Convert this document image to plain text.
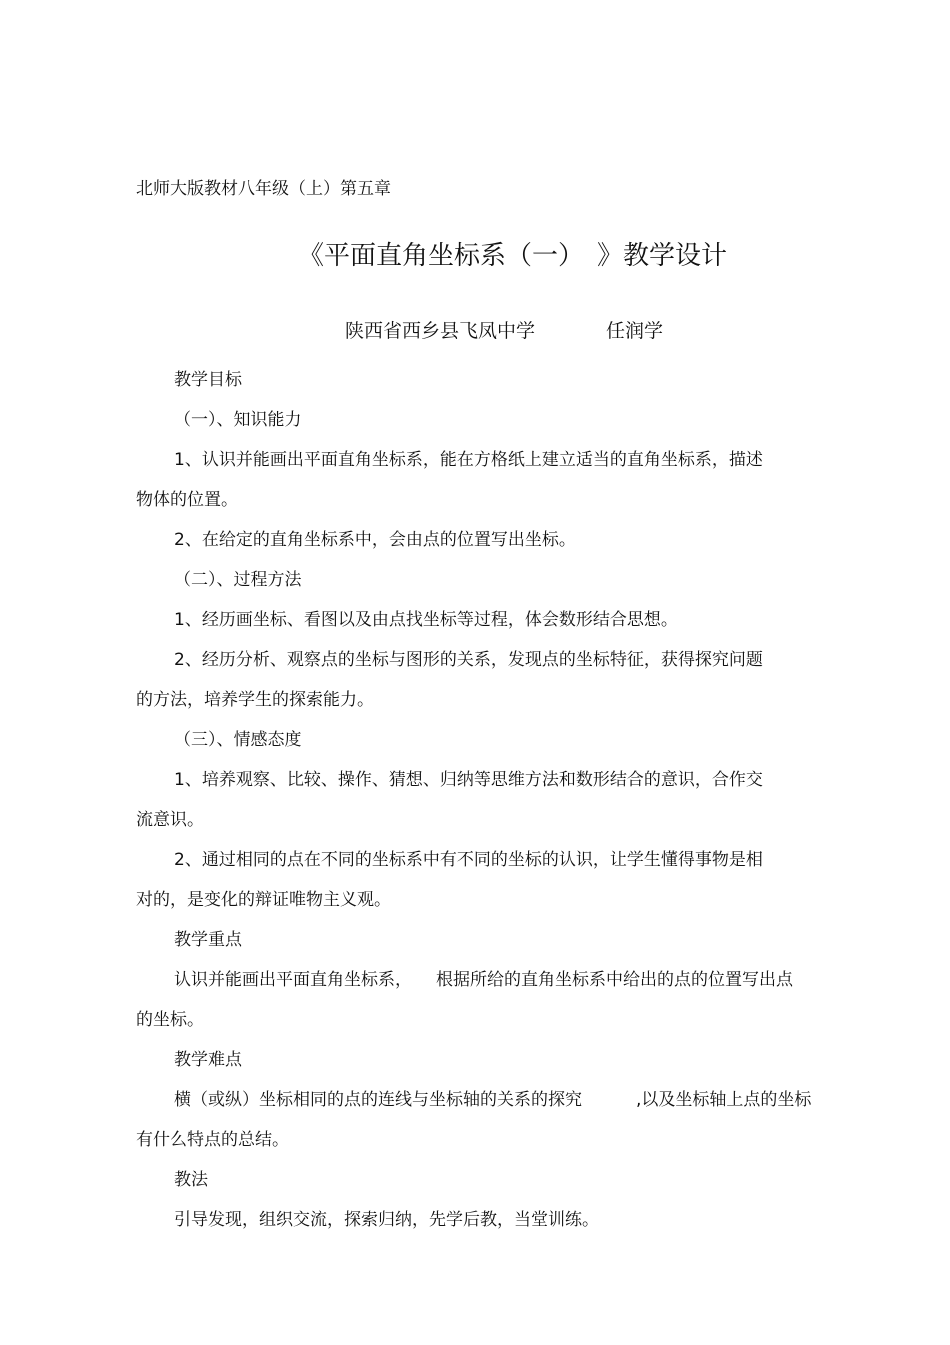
北师大版教材八年级（上）第五章
《平面直角坐标系（一）　》教学设计
陕西省西乡县飞凤中学	任润学
教学目标
（一）、知识能力
1、认识并能画出平面直角坐标系，能在方格纸上建立适当的直角坐标系，描述
物体的位置。
2、在给定的直角坐标系中，会由点的位置写出坐标。
（二）、过程方法
1、经历画坐标、看图以及由点找坐标等过程，体会数形结合思想。
2、经历分析、观察点的坐标与图形的关系，发现点的坐标特征，获得探究问题
的方法，培养学生的探索能力。
（三）、情感态度
1、培养观察、比较、操作、猜想、归纳等思维方法和数形结合的意识，合作交
流意识。
2、通过相同的点在不同的坐标系中有不同的坐标的认识，让学生懂得事物是相
对的，是变化的辩证唯物主义观。
教学重点
认识并能画出平面直角坐标系， 根据所给的直角坐标系中给出的点的位置写出点
的坐标。
教学难点
横（或纵）坐标相同的点的连线与坐标轴的关系的探究	,以及坐标轴上点的坐标
有什么特点的总结。
教法
引导发现，组织交流，探索归纳，先学后教，当堂训练。
